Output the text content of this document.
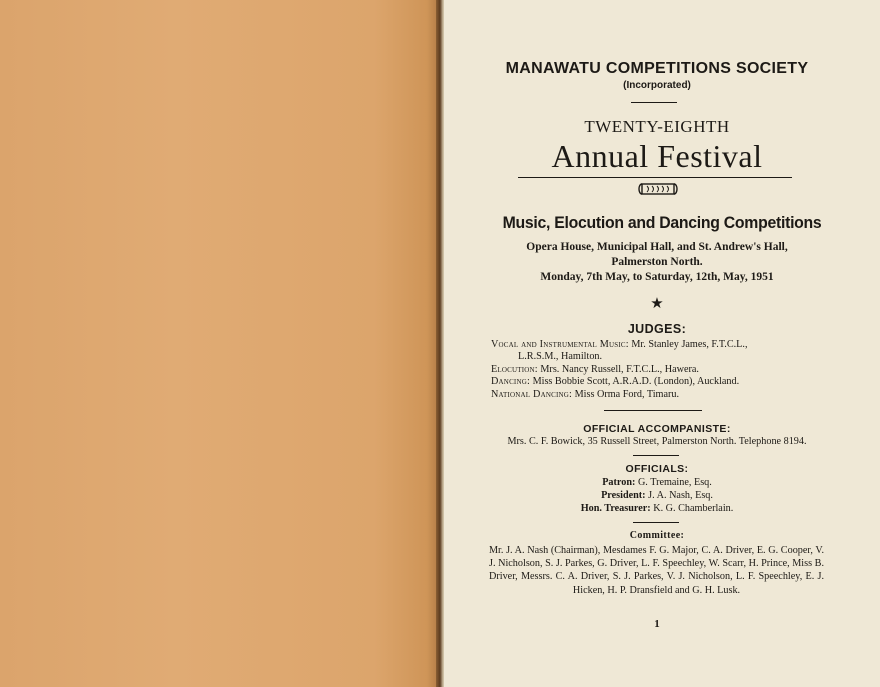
MANAWATU COMPETITIONS SOCIETY
(Incorporated)
TWENTY-EIGHTH
Annual Festival
Music, Elocution and Dancing Competitions
Opera House, Municipal Hall, and St. Andrew's Hall,
Palmerston North.
Monday, 7th May, to Saturday, 12th, May, 1951
★
JUDGES:
Vocal and Instrumental Music: Mr. Stanley James, F.T.C.L.,
L.R.S.M., Hamilton.
Elocution: Mrs. Nancy Russell, F.T.C.L., Hawera.
Dancing: Miss Bobbie Scott, A.R.A.D. (London), Auckland.
National Dancing: Miss Orma Ford, Timaru.
OFFICIAL ACCOMPANISTE:
Mrs. C. F. Bowick, 35 Russell Street, Palmerston North. Telephone 8194.
OFFICIALS:
Patron: G. Tremaine, Esq.
President: J. A. Nash, Esq.
Hon. Treasurer: K. G. Chamberlain.
Committee:
Mr. J. A. Nash (Chairman), Mesdames F. G. Major, C. A. Driver, E. G. Cooper, V. J. Nicholson, S. J. Parkes, G. Driver, L. F. Speechley, W. Scarr, H. Prince, Miss B. Driver, Messrs. C. A. Driver, S. J. Parkes, V. J. Nicholson, L. F. Speechley, E. J. Hicken, H. P. Dransfield and G. H. Lusk.
1
